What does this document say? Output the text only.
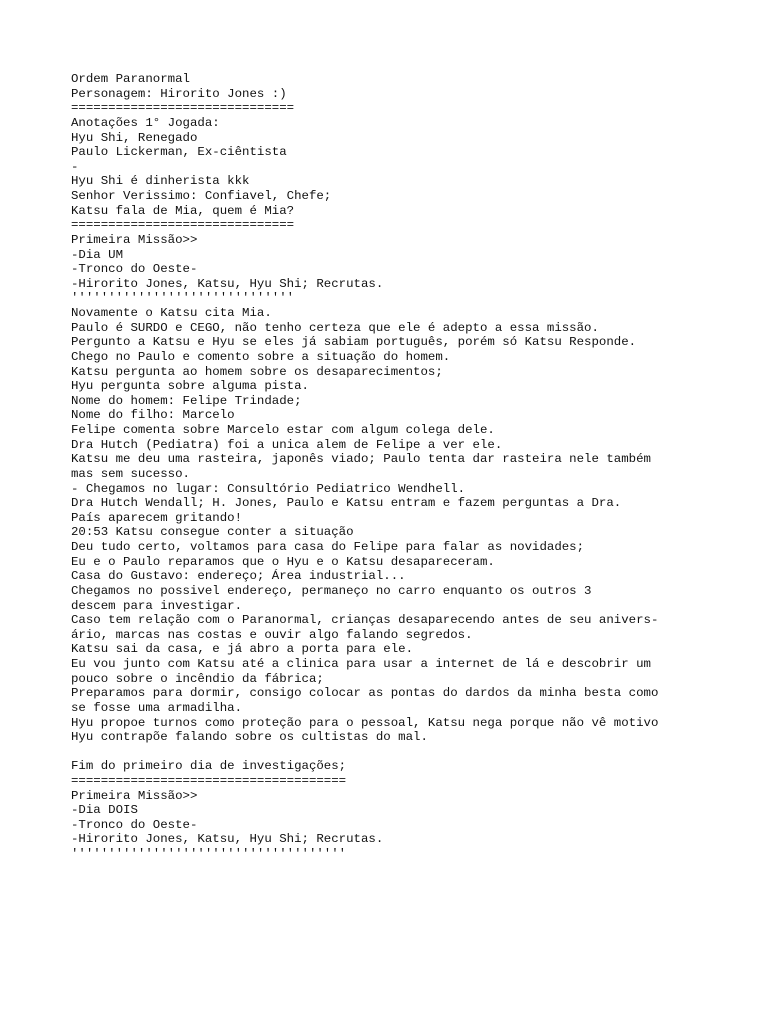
Ordem Paranormal
Personagem: Hirorito Jones :)
==============================
Anotações 1° Jogada:
Hyu Shi, Renegado
Paulo Lickerman, Ex-ciêntista
-
Hyu Shi é dinherista kkk
Senhor Verissimo: Confiavel, Chefe;
Katsu fala de Mia, quem é Mia?
==============================
Primeira Missão>>
-Dia UM
-Tronco do Oeste-
-Hirorito Jones, Katsu, Hyu Shi; Recrutas.
''''''''''''''''''''''''''''''
Novamente o Katsu cita Mia.
Paulo é SURDO e CEGO, não tenho certeza que ele é adepto a essa missão.
Pergunto a Katsu e Hyu se eles já sabiam português, porém só Katsu Responde.
Chego no Paulo e comento sobre a situação do homem.
Katsu pergunta ao homem sobre os desaparecimentos;
Hyu pergunta sobre alguma pista.
Nome do homem: Felipe Trindade;
Nome do filho: Marcelo
Felipe comenta sobre Marcelo estar com algum colega dele.
Dra Hutch (Pediatra) foi a unica alem de Felipe a ver ele.
Katsu me deu uma rasteira, japonês viado; Paulo tenta dar rasteira nele também
mas sem sucesso.
- Chegamos no lugar: Consultório Pediatrico Wendhell.
Dra Hutch Wendall; H. Jones, Paulo e Katsu entram e fazem perguntas a Dra.
País aparecem gritando!
20:53 Katsu consegue conter a situação
Deu tudo certo, voltamos para casa do Felipe para falar as novidades;
Eu e o Paulo reparamos que o Hyu e o Katsu desapareceram.
Casa do Gustavo: endereço; Área industrial...
Chegamos no possivel endereço, permaneço no carro enquanto os outros 3
descem para investigar.
Caso tem relação com o Paranormal, crianças desaparecendo antes de seu anivers-
ário, marcas nas costas e ouvir algo falando segredos.
Katsu sai da casa, e já abro a porta para ele.
Eu vou junto com Katsu até a clinica para usar a internet de lá e descobrir um
pouco sobre o incêndio da fábrica;
Preparamos para dormir, consigo colocar as pontas do dardos da minha besta como
se fosse uma armadilha.
Hyu propoe turnos como proteção para o pessoal, Katsu nega porque não vê motivo
Hyu contrapõe falando sobre os cultistas do mal.
Fim do primeiro dia de investigações;
=====================================
Primeira Missão>>
-Dia DOIS
-Tronco do Oeste-
-Hirorito Jones, Katsu, Hyu Shi; Recrutas.
'''''''''''''''''''''''''''''''''''''
